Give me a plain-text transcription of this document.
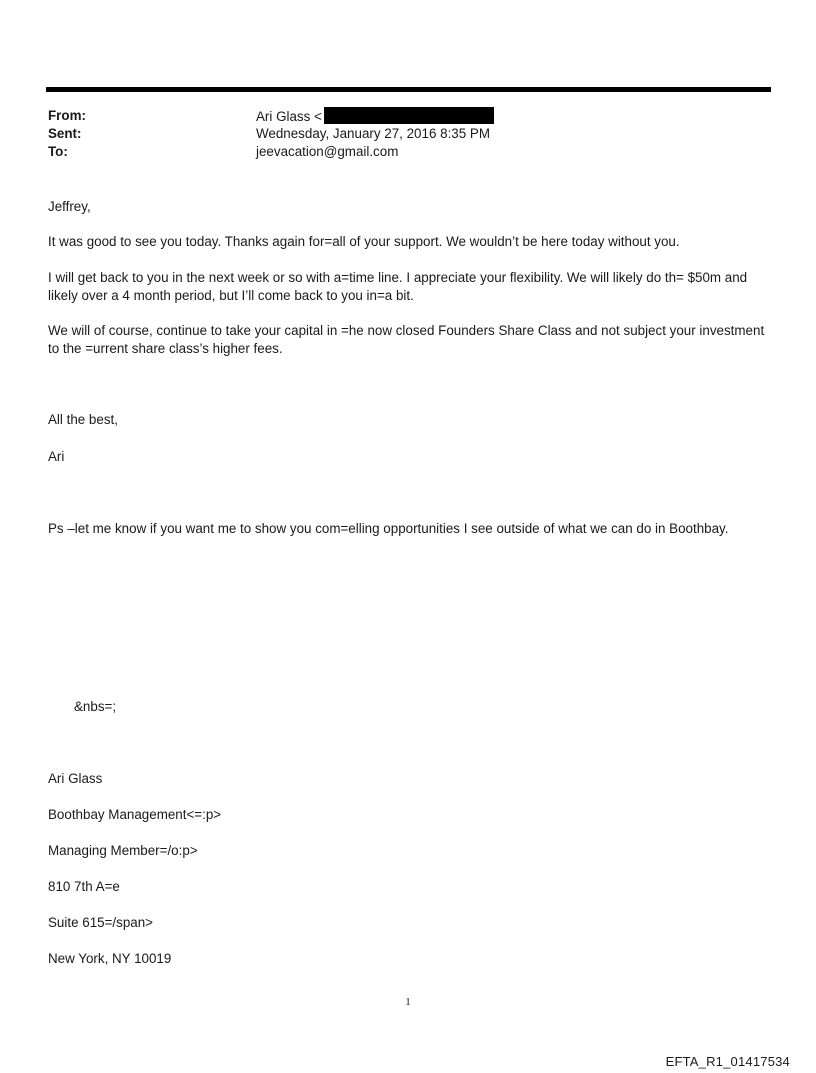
From:	Ari Glass <
Sent:	Wednesday, January 27, 2016 8:35 PM
To:	jeevacation@gmail.com
Jeffrey,
It was good to see you today. Thanks again for=all of your support. We wouldn’t be here today without you.
I will get back to you in the next week or so with a=time line. I appreciate your flexibility. We will likely do th= $50m and
likely over a 4 month period, but I’ll come back to you in=a bit.
We will of course, continue to take your capital in =he now closed Founders Share Class and not subject your investment
to the =urrent share class’s higher fees.
All the best,
Ari
Ps –let me know if you want me to show you com=elling opportunities I see outside of what we can do in Boothbay.
&nbs=;
Ari Glass
Boothbay Management<=:p>
Managing Member=/o:p>
810 7th A=e
Suite 615=/span>
New York, NY 10019
1
EFTA_R1_01417534
